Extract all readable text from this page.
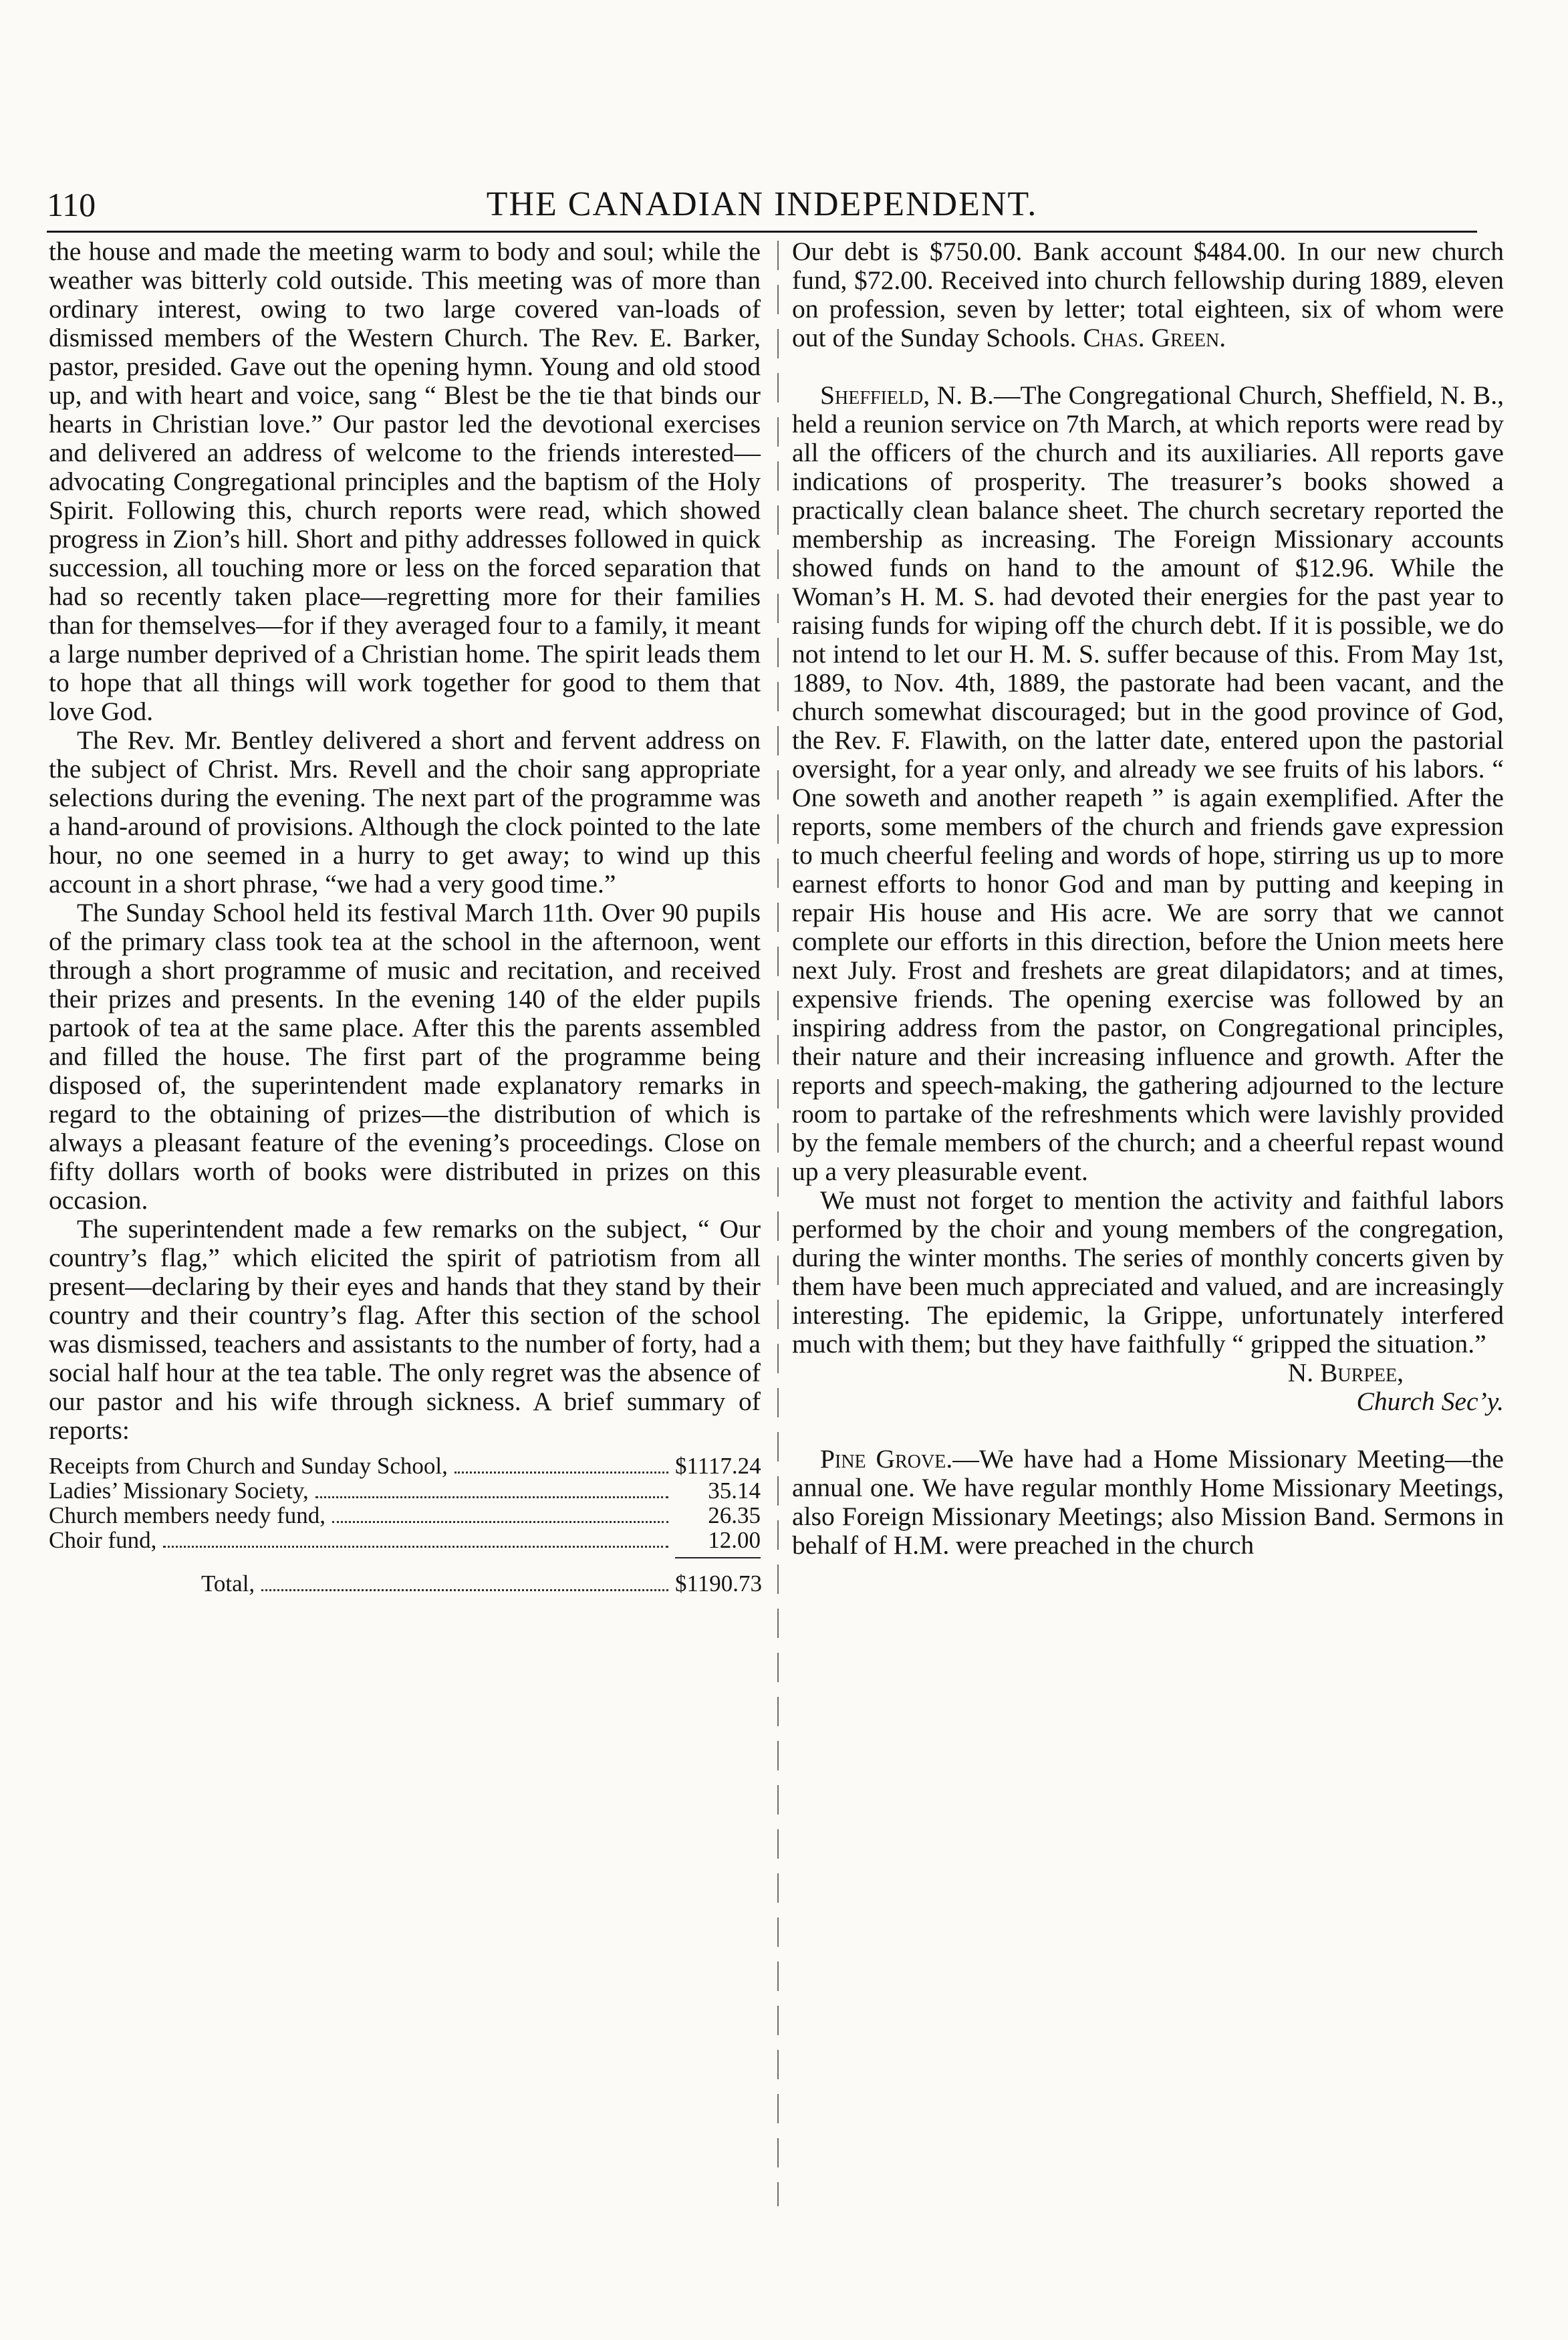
110	THE CANADIAN INDEPENDENT.

the house and made the meeting warm to body and soul; while the weather was bitterly cold outside. This meeting was of more than ordinary interest, owing to two large covered van-loads of dismissed members of the Western Church. The Rev. E. Barker, pastor, presided. Gave out the opening hymn. Young and old stood up, and with heart and voice, sang “ Blest be the tie that binds our hearts in Christian love.” Our pastor led the devotional exercises and delivered an address of welcome to the friends interested—advocating Congregational principles and the baptism of the Holy Spirit. Following this, church reports were read, which showed progress in Zion’s hill. Short and pithy addresses followed in quick succession, all touching more or less on the forced separation that had so recently taken place—regretting more for their families than for themselves—for if they averaged four to a family, it meant a large number deprived of a Christian home. The spirit leads them to hope that all things will work together for good to them that love God.

The Rev. Mr. Bentley delivered a short and fervent address on the subject of Christ. Mrs. Revell and the choir sang appropriate selections during the evening. The next part of the programme was a hand-around of provisions. Although the clock pointed to the late hour, no one seemed in a hurry to get away; to wind up this account in a short phrase, “we had a very good time.”

The Sunday School held its festival March 11th. Over 90 pupils of the primary class took tea at the school in the afternoon, went through a short programme of music and recitation, and received their prizes and presents. In the evening 140 of the elder pupils partook of tea at the same place. After this the parents assembled and filled the house. The first part of the programme being disposed of, the superintendent made explanatory remarks in regard to the obtaining of prizes—the distribution of which is always a pleasant feature of the evening’s proceedings. Close on fifty dollars worth of books were distributed in prizes on this occasion.

The superintendent made a few remarks on the subject, “ Our country’s flag,” which elicited the spirit of patriotism from all present—declaring by their eyes and hands that they stand by their country and their country’s flag. After this section of the school was dismissed, teachers and assistants to the number of forty, had a social half hour at the tea table. The only regret was the absence of our pastor and his wife through sickness. A brief summary of reports:

Receipts from Church and Sunday School,	$1117.24
Ladies’ Missionary Society,	35.14
Church members needy fund,	26.35
Choir fund,	12.00
Total,	$1190.73

Our debt is $750.00. Bank account $484.00. In our new church fund, $72.00. Received into church fellowship during 1889, eleven on profession, seven by letter; total eighteen, six of whom were out of the Sunday Schools. Chas. Green.

Sheffield, N. B.—The Congregational Church, Sheffield, N. B., held a reunion service on 7th March, at which reports were read by all the officers of the church and its auxiliaries. All reports gave indications of prosperity. The treasurer’s books showed a practically clean balance sheet. The church secretary reported the membership as increasing. The Foreign Missionary accounts showed funds on hand to the amount of $12.96. While the Woman’s H. M. S. had devoted their energies for the past year to raising funds for wiping off the church debt. If it is possible, we do not intend to let our H. M. S. suffer because of this. From May 1st, 1889, to Nov. 4th, 1889, the pastorate had been vacant, and the church somewhat discouraged; but in the good province of God, the Rev. F. Flawith, on the latter date, entered upon the pastorial oversight, for a year only, and already we see fruits of his labors. “ One soweth and another reapeth ” is again exemplified. After the reports, some members of the church and friends gave expression to much cheerful feeling and words of hope, stirring us up to more earnest efforts to honor God and man by putting and keeping in repair His house and His acre. We are sorry that we cannot complete our efforts in this direction, before the Union meets here next July. Frost and freshets are great dilapidators; and at times, expensive friends. The opening exercise was followed by an inspiring address from the pastor, on Congregational principles, their nature and their increasing influence and growth. After the reports and speech-making, the gathering adjourned to the lecture room to partake of the refreshments which were lavishly provided by the female members of the church; and a cheerful repast wound up a very pleasurable event.

We must not forget to mention the activity and faithful labors performed by the choir and young members of the congregation, during the winter months. The series of monthly concerts given by them have been much appreciated and valued, and are increasingly interesting. The epidemic, la Grippe, unfortunately interfered much with them; but they have faithfully “ gripped the situation.”

N. Burpee,

Church Sec’y.

Pine Grove.—We have had a Home Missionary Meeting—the annual one. We have regular monthly Home Missionary Meetings, also Foreign Missionary Meetings; also Mission Band. Sermons in behalf of H.M. were preached in the church
